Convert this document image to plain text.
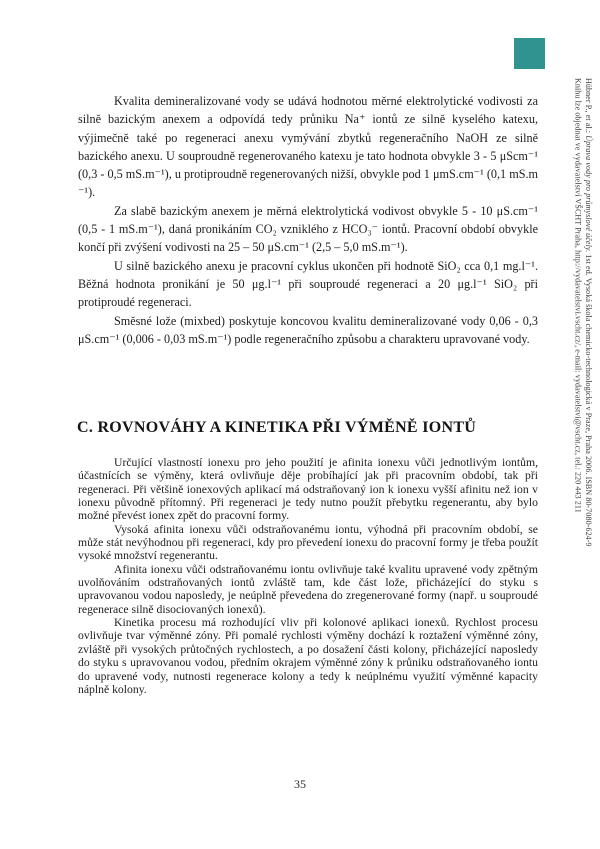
Hübner P., et al.: Úprava vody pro průmyslové účely. 1st ed. Vysoká škola chemicko-technologická v Praze, Praha 2006. ISBN 80-7080-624-9
Knihu lze objednat ve vydavatelství VŠCHT Praha, http://vydavatelstvi.vscht.cz/, e-mail: vydavatelstvi@vscht.cz, tel.: 220 443 211

Kvalita demineralizované vody se udává hodnotou měrné elektrolytické vodivosti za silně bazickým anexem a odpovídá tedy průniku Na⁺ iontů ze silně kyselého katexu, výjimečně také po regeneraci anexu vymývání zbytků regeneračního NaOH ze silně bazického anexu. U souproudně regenerovaného katexu je tato hodnota obvykle 3 - 5 μScm⁻¹ (0,3 - 0,5 mS.m⁻¹), u protiproudně regenerovaných nižší, obvykle pod 1 μmS.cm⁻¹ (0,1 mS.m ⁻¹).

Za slabě bazickým anexem je měrná elektrolytická vodivost obvykle 5 - 10 μS.cm⁻¹ (0,5 - 1 mS.m⁻¹), daná pronikáním CO₂ vzniklého z HCO₃⁻ iontů. Pracovní období obvykle končí při zvýšení vodivosti na 25 – 50 μS.cm⁻¹ (2,5 – 5,0 mS.m⁻¹).

U silně bazického anexu je pracovní cyklus ukončen při hodnotě SiO₂ cca 0,1 mg.l⁻¹. Běžná hodnota pronikání je 50 μg.l⁻¹ při souproudé regeneraci a 20 μg.l⁻¹ SiO₂ při protiproudé regeneraci.

Směsné lože (mixbed) poskytuje koncovou kvalitu demineralizované vody 0,06 - 0,3 μS.cm⁻¹ (0,006 - 0,03 mS.m⁻¹) podle regeneračního způsobu a charakteru upravované vody.

C. ROVNOVÁHY A KINETIKA PŘI VÝMĚNĚ IONTŮ

Určující vlastností ionexu pro jeho použití je afinita ionexu vůči jednotlivým iontům, účastnících se výměny, která ovlivňuje děje probíhající jak při pracovním období, tak při regeneraci. Při většině ionexových aplikací má odstraňovaný ion k ionexu vyšší afinitu než ion v ionexu původně přítomný. Při regeneraci je tedy nutno použít přebytku regenerantu, aby bylo možné převést ionex zpět do pracovní formy.

Vysoká afinita ionexu vůči odstraňovanému iontu, výhodná při pracovním období, se může stát nevýhodnou při regeneraci, kdy pro převedení ionexu do pracovní formy je třeba použít vysoké množství regenerantu.

Afinita ionexu vůči odstraňovanému iontu ovlivňuje také kvalitu upravené vody zpětným uvolňováním odstraňovaných iontů zvláště tam, kde část lože, přicházející do styku s upravovanou vodou naposledy, je neúplně převedena do zregenerované formy (např. u souproudé regenerace silně disociovaných ionexů).

Kinetika procesu má rozhodující vliv při kolonové aplikaci ionexů. Rychlost procesu ovlivňuje tvar výměnné zóny. Při pomalé rychlosti výměny dochází k roztažení výměnné zóny, zvláště při vysokých průtočných rychlostech, a po dosažení části kolony, přicházející naposledy do styku s upravovanou vodou, předním okrajem výměnné zóny k průniku odstraňovaného iontu do upravené vody, nutnosti regenerace kolony a tedy k neúplnému využití výměnné kapacity náplně kolony.

35
